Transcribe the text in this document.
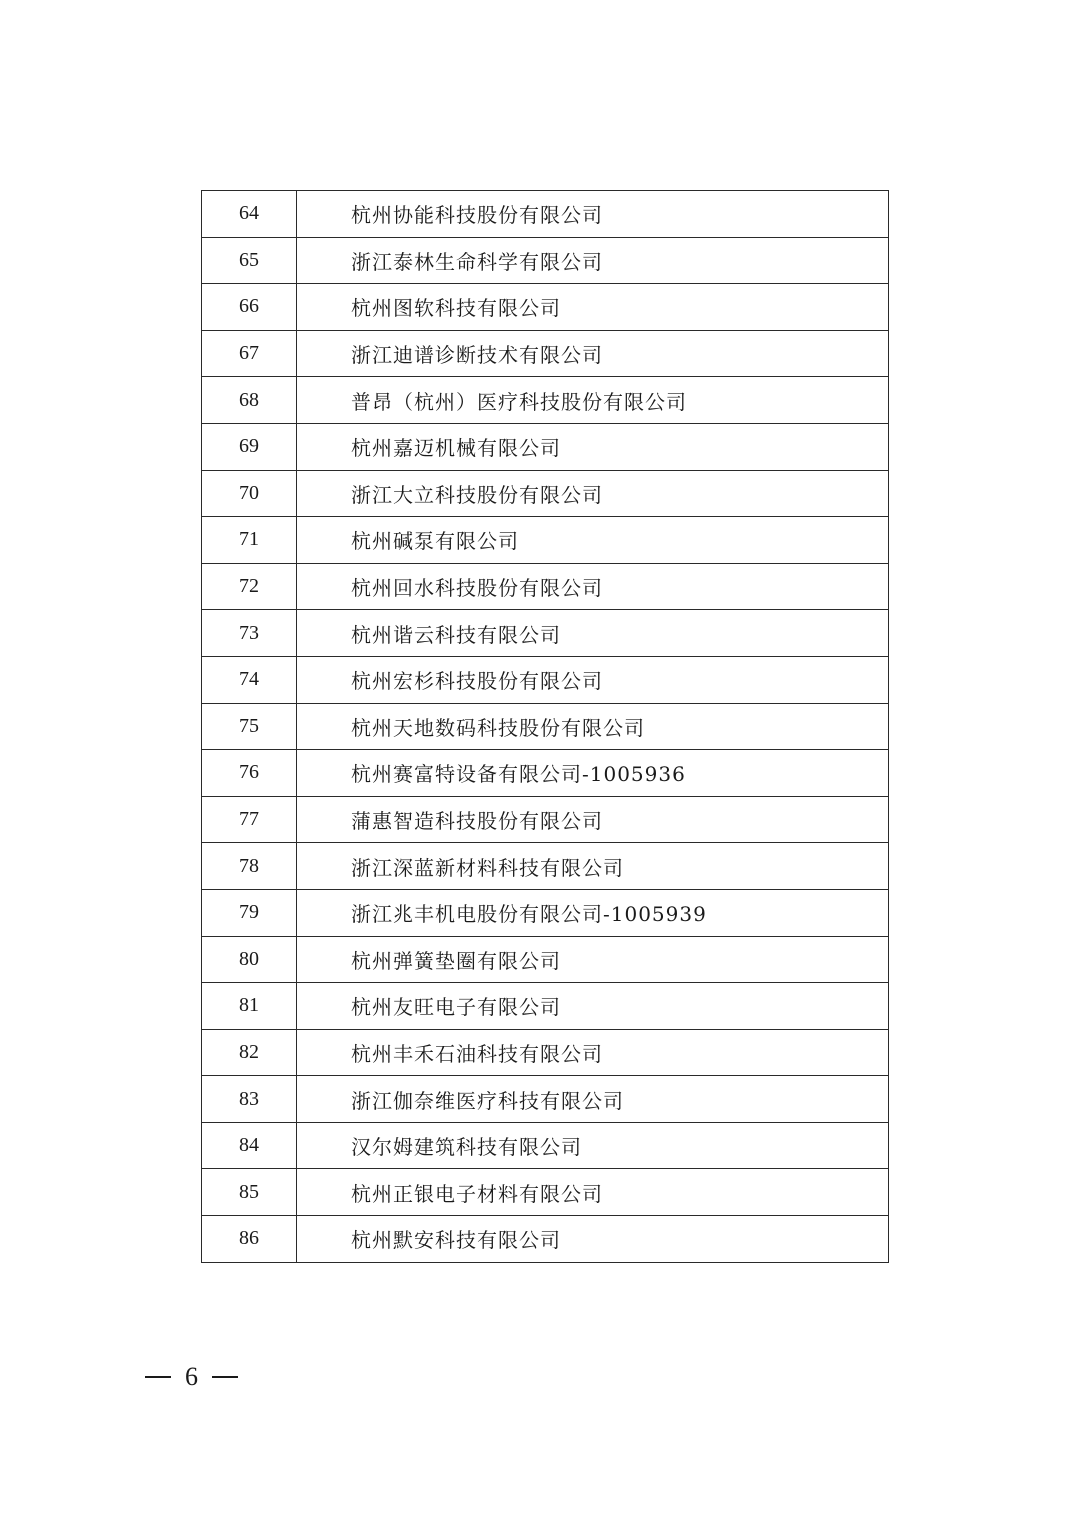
64	杭州协能科技股份有限公司
65	浙江泰林生命科学有限公司
66	杭州图软科技有限公司
67	浙江迪谱诊断技术有限公司
68	普昂（杭州）医疗科技股份有限公司
69	杭州嘉迈机械有限公司
70	浙江大立科技股份有限公司
71	杭州碱泵有限公司
72	杭州回水科技股份有限公司
73	杭州谐云科技有限公司
74	杭州宏杉科技股份有限公司
75	杭州天地数码科技股份有限公司
76	杭州赛富特设备有限公司-1005936
77	蒲惠智造科技股份有限公司
78	浙江深蓝新材料科技有限公司
79	浙江兆丰机电股份有限公司-1005939
80	杭州弹簧垫圈有限公司
81	杭州友旺电子有限公司
82	杭州丰禾石油科技有限公司
83	浙江伽奈维医疗科技有限公司
84	汉尔姆建筑科技有限公司
85	杭州正银电子材料有限公司
86	杭州默安科技有限公司
6
